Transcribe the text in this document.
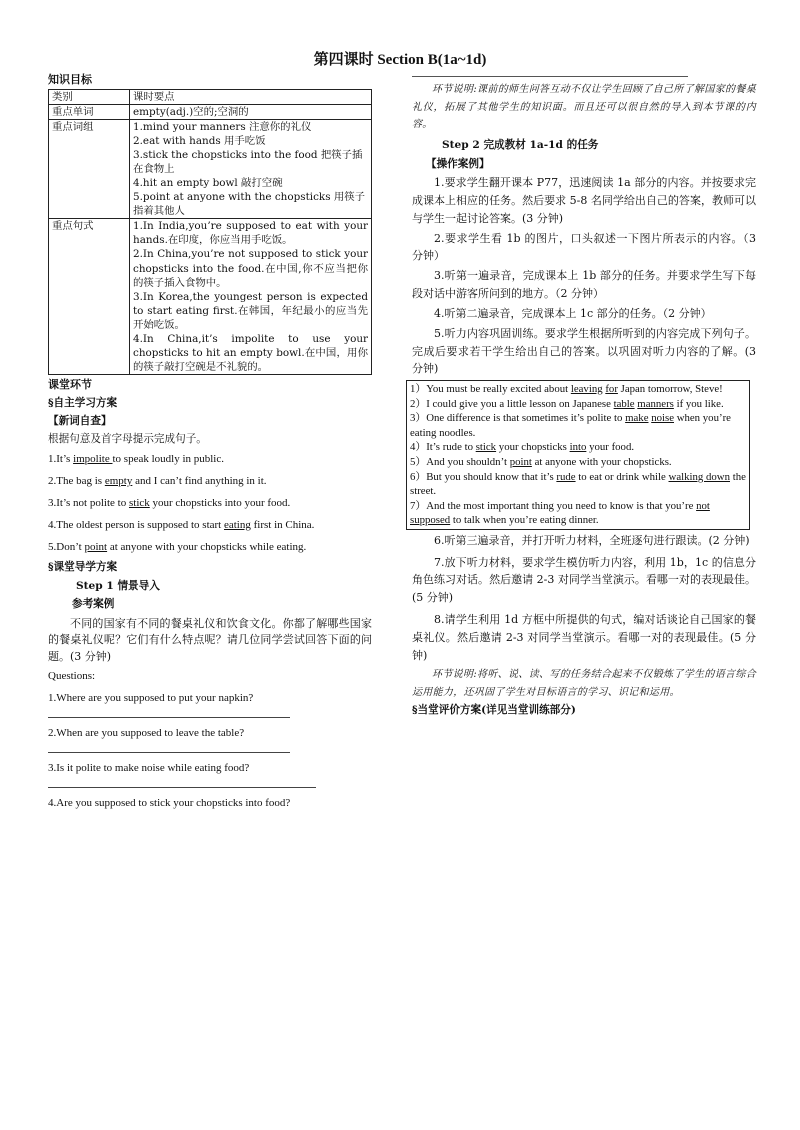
第四课时 Section B(1a~1d)
知识目标
类别	课时要点
重点单词	empty(adj.)空的;空洞的

重点词组	1.mind your manners 注意你的礼仪
2.eat with hands 用手吃饭
3.stick the chopsticks into the food 把筷子插在食物上
4.hit an empty bowl 敲打空碗
5.point at anyone with the chopsticks 用筷子指着其他人

重点句式	1.In India,you’re supposed to eat with your hands.在印度，你应当用手吃饭。
2.In China,you’re not supposed to stick your chopsticks into the food.在中国,你不应当把你的筷子插入食物中。
3.In Korea,the youngest person is expected to start eating first.在韩国，年纪最小的应当先开始吃饭。
4.In China,it’s impolite to use your chopsticks to hit an empty bowl.在中国，用你的筷子敲打空碗是不礼貌的。
课堂环节
§自主学习方案
【新词自查】
根据句意及首字母提示完成句子。

1.It’s impolite to speak loudly in public.

2.The bag is empty and I can’t find anything in it.

3.It’s not polite to stick your chopsticks into your food.

4.The oldest person is supposed to start eating first in China.

5.Don’t point at anyone with your chopsticks while eating.

§课堂导学方案
Step 1 情景导入
参考案例
不同的国家有不同的餐桌礼仪和饮食文化。你都了解哪些国家的餐桌礼仪呢？它们有什么特点呢？请几位同学尝试回答下面的问题。(3 分钟)
Questions:
1.Where are you supposed to put your napkin?
2.When are you supposed to leave the table?
3.Is it polite to make noise while eating food?
4.Are you supposed to stick your chopsticks into food?
环节说明:课前的师生问答互动不仅让学生回顾了自己所了解国家的餐桌礼仪，拓展了其他学生的知识面。而且还可以很自然的导入到本节课的内容。
Step 2 完成教材 1a-1d 的任务
【操作案例】
1.要求学生翻开课本 P77，迅速阅读 1a 部分的内容。并按要求完成课本上相应的任务。然后要求 5-8 名同学给出自己的答案，教师可以与学生一起讨论答案。(3 分钟)
2.要求学生看 1b 的图片，口头叙述一下图片所表示的内容。（3 分钟）
3.听第一遍录音，完成课本上 1b 部分的任务。并要求学生写下每段对话中游客所问到的地方。（2 分钟）
4.听第二遍录音，完成课本上 1c 部分的任务。（2 分钟）
5.听力内容巩固训练。要求学生根据所听到的内容完成下列句子。完成后要求若干学生给出自己的答案。以巩固对听力内容的了解。(3 分钟)

1）You must be really excited about leaving for Japan tomorrow, Steve!

2）I could give you a little lesson on Japanese table manners if you like.

3）One difference is that sometimes it’s polite to make noise when you’re eating noodles.

4）It’s rude to stick your chopsticks into your food.

5）And you shouldn’t point at anyone with your chopsticks.

6）But you should know that it’s rude to eat or drink while walking down the street.

7）And the most important thing you need to know is that you’re not supposed to talk when you’re eating dinner.

6.听第三遍录音，并打开听力材料，全班逐句进行跟读。(2 分钟)
7.放下听力材料，要求学生模仿听力内容，利用 1b，1c 的信息分角色练习对话。然后邀请 2-3 对同学当堂演示。看哪一对的表现最佳。(5 分钟)
8.请学生利用 1d 方框中所提供的句式，编对话谈论自己国家的餐桌礼仪。然后邀请 2-3 对同学当堂演示。看哪一对的表现最佳。(5 分钟)
环节说明:将听、说、读、写的任务结合起来不仅锻炼了学生的语言综合运用能力，还巩固了学生对目标语言的学习、识记和运用。
§当堂评价方案(详见当堂训练部分)
